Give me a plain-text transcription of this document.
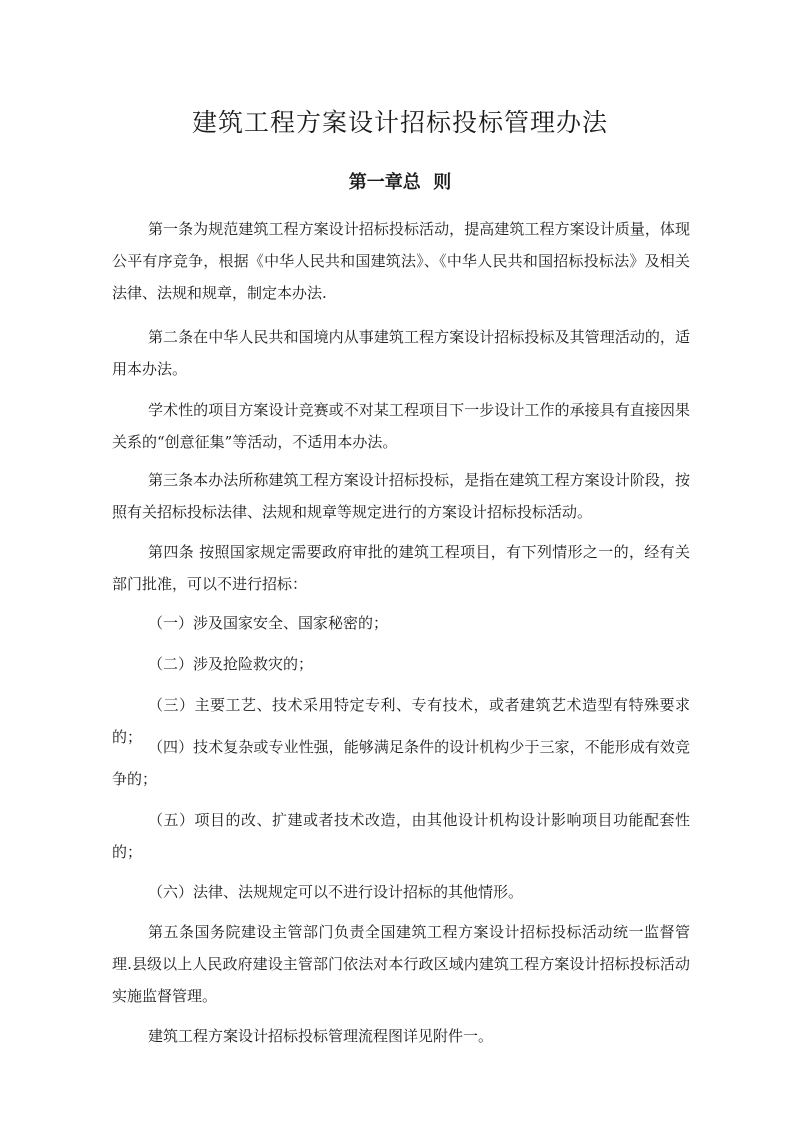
建筑工程方案设计招标投标管理办法
第一章总  则

第一条为规范建筑工程方案设计招标投标活动，提高建筑工程方案设计质量，体现公平有序竞争，根据《中华人民共和国建筑法》、《中华人民共和国招标投标法》及相关法律、法规和规章，制定本办法.

第二条在中华人民共和国境内从事建筑工程方案设计招标投标及其管理活动的，适用本办法。

学术性的项目方案设计竞赛或不对某工程项目下一步设计工作的承接具有直接因果关系的“创意征集”等活动，不适用本办法。

第三条本办法所称建筑工程方案设计招标投标，是指在建筑工程方案设计阶段，按照有关招标投标法律、法规和规章等规定进行的方案设计招标投标活动。

第四条 按照国家规定需要政府审批的建筑工程项目，有下列情形之一的，经有关部门批准，可以不进行招标：

（一）涉及国家安全、国家秘密的；

（二）涉及抢险救灾的；

（三）主要工艺、技术采用特定专利、专有技术，或者建筑艺术造型有特殊要求的；

（四）技术复杂或专业性强，能够满足条件的设计机构少于三家，不能形成有效竞争的；

（五）项目的改、扩建或者技术改造，由其他设计机构设计影响项目功能配套性的；

（六）法律、法规规定可以不进行设计招标的其他情形。

第五条国务院建设主管部门负责全国建筑工程方案设计招标投标活动统一监督管理.县级以上人民政府建设主管部门依法对本行政区域内建筑工程方案设计招标投标活动实施监督管理。

建筑工程方案设计招标投标管理流程图详见附件一。
